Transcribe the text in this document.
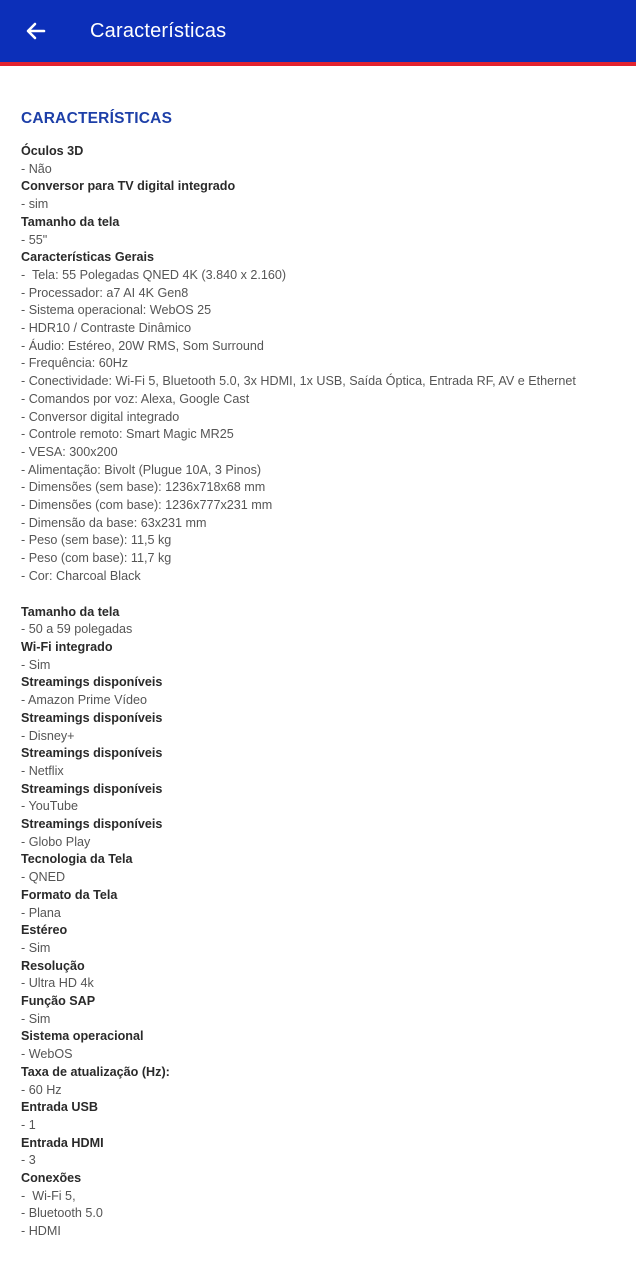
Características
CARACTERÍSTICAS
Óculos 3D
- Não
Conversor para TV digital integrado
- sim
Tamanho da tela
- 55"
Características Gerais
-  Tela: 55 Polegadas QNED 4K (3.840 x 2.160)
- Processador: a7 AI 4K Gen8
- Sistema operacional: WebOS 25
- HDR10 / Contraste Dinâmico
- Áudio: Estéreo, 20W RMS, Som Surround
- Frequência: 60Hz
- Conectividade: Wi-Fi 5, Bluetooth 5.0, 3x HDMI, 1x USB, Saída Óptica, Entrada RF, AV e Ethernet
- Comandos por voz: Alexa, Google Cast
- Conversor digital integrado
- Controle remoto: Smart Magic MR25
- VESA: 300x200
- Alimentação: Bivolt (Plugue 10A, 3 Pinos)
- Dimensões (sem base): 1236x718x68 mm
- Dimensões (com base): 1236x777x231 mm
- Dimensão da base: 63x231 mm
- Peso (sem base): 11,5 kg
- Peso (com base): 11,7 kg
- Cor: Charcoal Black
Tamanho da tela
- 50 a 59 polegadas
Wi-Fi integrado
- Sim
Streamings disponíveis
- Amazon Prime Vídeo
Streamings disponíveis
- Disney+
Streamings disponíveis
- Netflix
Streamings disponíveis
- YouTube
Streamings disponíveis
- Globo Play
Tecnologia da Tela
- QNED
Formato da Tela
- Plana
Estéreo
- Sim
Resolução
- Ultra HD 4k
Função SAP
- Sim
Sistema operacional
- WebOS
Taxa de atualização (Hz):
- 60 Hz
Entrada USB
- 1
Entrada HDMI
- 3
Conexões
-  Wi-Fi 5,
- Bluetooth 5.0
- HDMI
